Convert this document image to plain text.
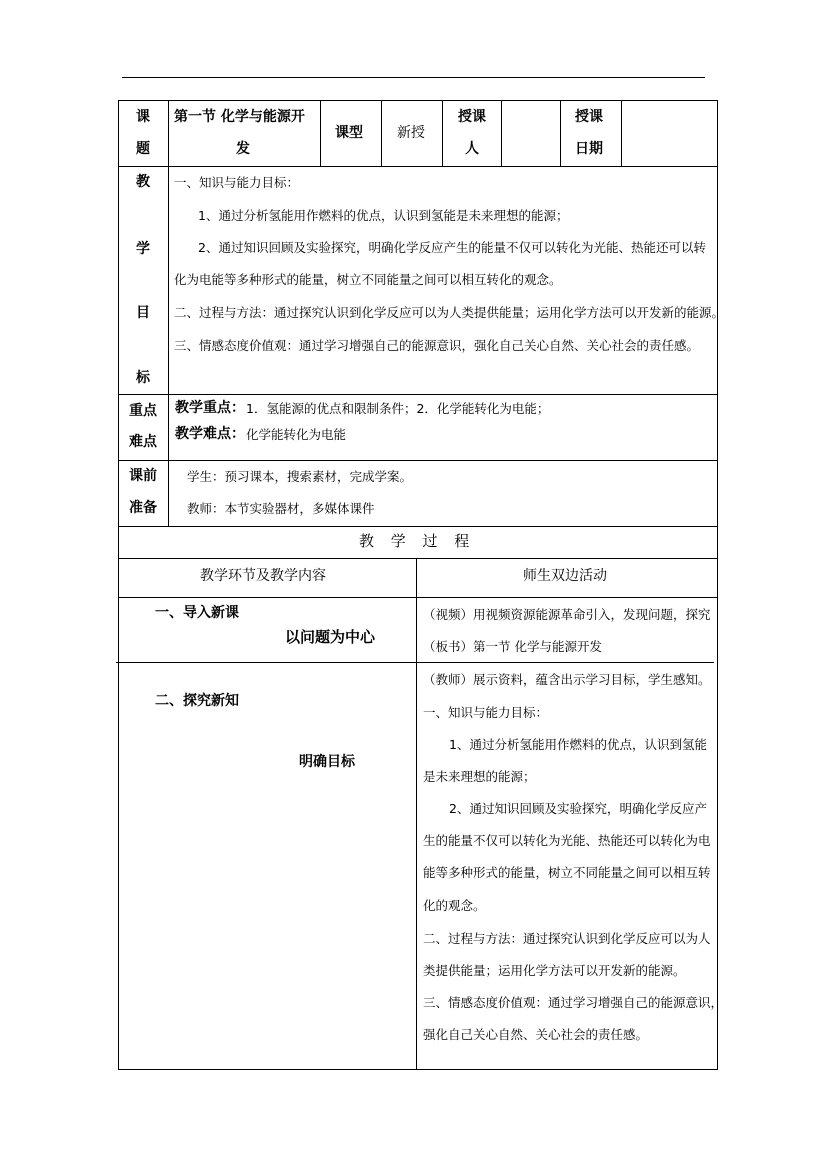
课
题
第一节 化学与能源开
发
课型 新授
授课
人
授课
日期
教
学
目
标
一、知识与能力目标：
1、通过分析氢能用作燃料的优点，认识到氢能是未来理想的能源；
2、通过知识回顾及实验探究，明确化学反应产生的能量不仅可以转化为光能、热能还可以转
化为电能等多种形式的能量，树立不同能量之间可以相互转化的观念。
二、过程与方法：通过探究认识到化学反应可以为人类提供能量；运用化学方法可以开发新的能源。
三、情感态度价值观：通过学习增强自己的能源意识，强化自己关心自然、关心社会的责任感。
重点
难点
教学重点： 1．氢能源的优点和限制条件；2．化学能转化为电能；
教学难点： 化学能转化为电能
课前
准备
学生：预习课本，搜索素材，完成学案。
教师：本节实验器材，多媒体课件
教 学 过 程
教学环节及教学内容	师生双边活动
一、导入新课
以问题为中心
（视频）用视频资源能源革命引入，发现问题，探究
（板书）第一节 化学与能源开发
二、探究新知
明确目标
（教师）展示资料，蕴含出示学习目标，学生感知。
一、知识与能力目标：
1、通过分析氢能用作燃料的优点，认识到氢能
是未来理想的能源；
2、通过知识回顾及实验探究，明确化学反应产
生的能量不仅可以转化为光能、热能还可以转化为电
能等多种形式的能量，树立不同能量之间可以相互转
化的观念。
二、过程与方法：通过探究认识到化学反应可以为人
类提供能量；运用化学方法可以开发新的能源。
三、情感态度价值观：通过学习增强自己的能源意识，
强化自己关心自然、关心社会的责任感。
